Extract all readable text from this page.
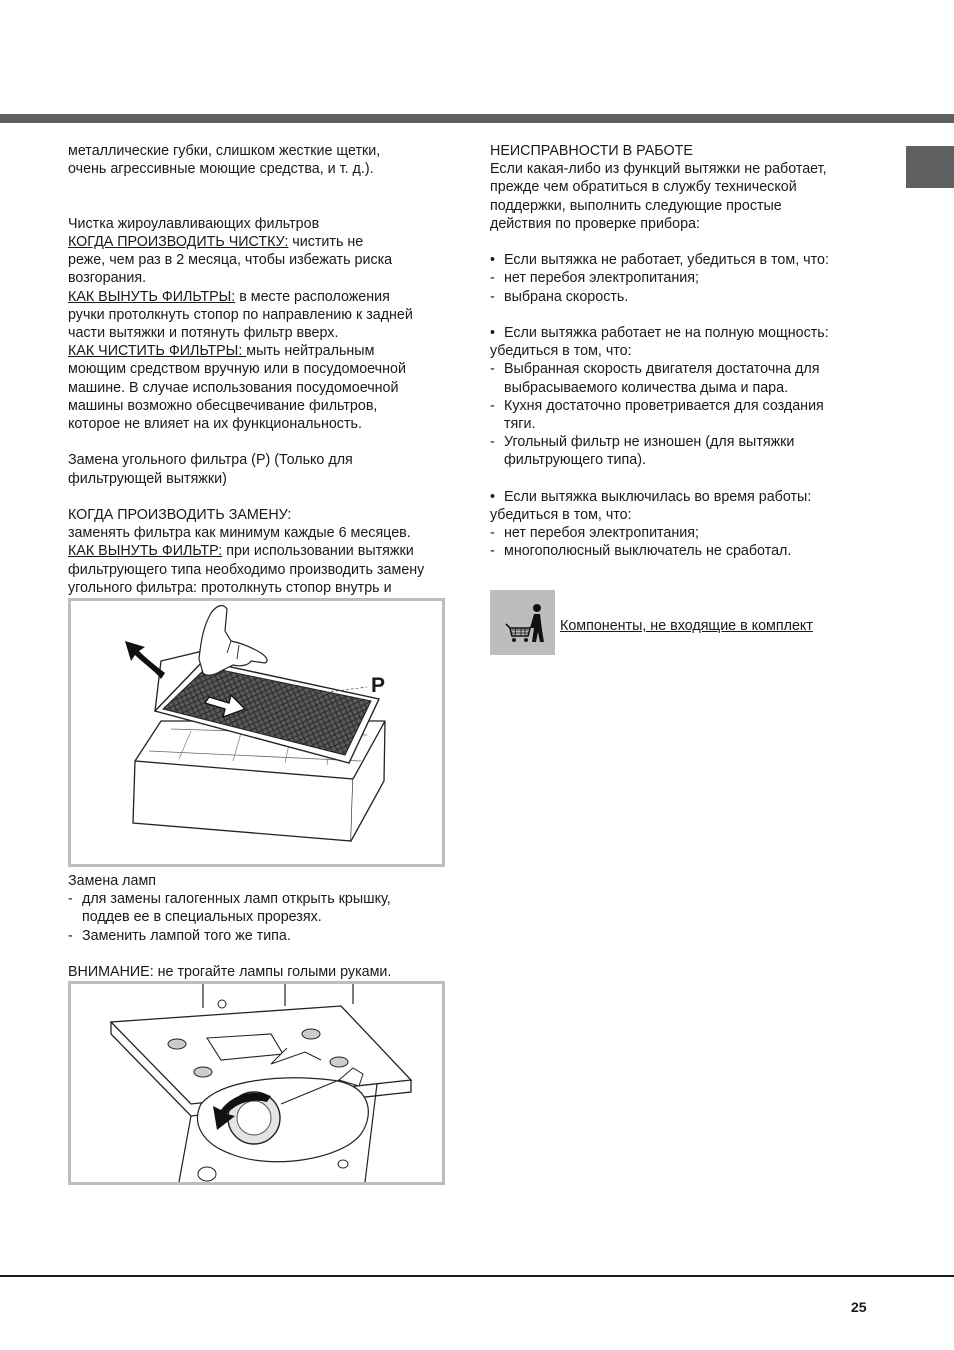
металлические губки, слишком жесткие щетки,

очень агрессивные моющие средства, и т. д.).

Чистка жироулавливающих фильтров

КОГДА ПРОИЗВОДИТЬ ЧИСТКУ: чистить не

реже, чем раз в 2 месяца, чтобы избежать риска

возгорания.

КАК ВЫНУТЬ ФИЛЬТРЫ: в месте расположения

ручки протолкнуть стопор по направлению к задней

части вытяжки и потянуть фильтр вверх.

КАК ЧИСТИТЬ ФИЛЬТРЫ: мыть нейтральным

моющим средством вручную или в посудомоечной

машине. В случае использования посудомоечной

машины возможно обесцвечивание фильтров,

которое не влияет на их функциональность.

Замена угольного фильтра (P) (Только для

фильтрующей вытяжки)

КОГДА ПРОИЗВОДИТЬ ЗАМЕНУ:

заменять фильтра как минимум каждые 6 месяцев.

КАК ВЫНУТЬ ФИЛЬТР: при использовании вытяжки

фильтрующего типа необходимо производить замену

угольного фильтра: протолкнуть стопор внутрь и

P

Замена ламп

- для замены галогенных ламп открыть крышку,
поддев ее в специальных прорезях.
- Заменить лампой того же типа.

ВНИМАНИЕ: не трогайте лампы голыми руками.

НЕИСПРАВНОСТИ В РАБОТЕ

Если какая-либо из функций вытяжки не работает,

прежде чем обратиться в службу технической

поддержки, выполнить следующие простые

действия по проверке прибора:

• Если вытяжка не работает, убедиться в том, что:
- нет перебоя электропитания;
- выбрана скорость.
• Если вытяжка работает не на полную мощность:

убедиться в том, что:

- Выбранная скорость двигателя достаточна для
выбрасываемого количества дыма и пара.
- Кухня достаточно проветривается для создания
тяги.
- Угольный фильтр не изношен (для вытяжки
фильтрующего типа).
• Если вытяжка выключилась во время работы:

убедиться в том, что:

- нет перебоя электропитания;
- многополюсный выключатель не сработал.
Компоненты, не входящие в комплект
25
